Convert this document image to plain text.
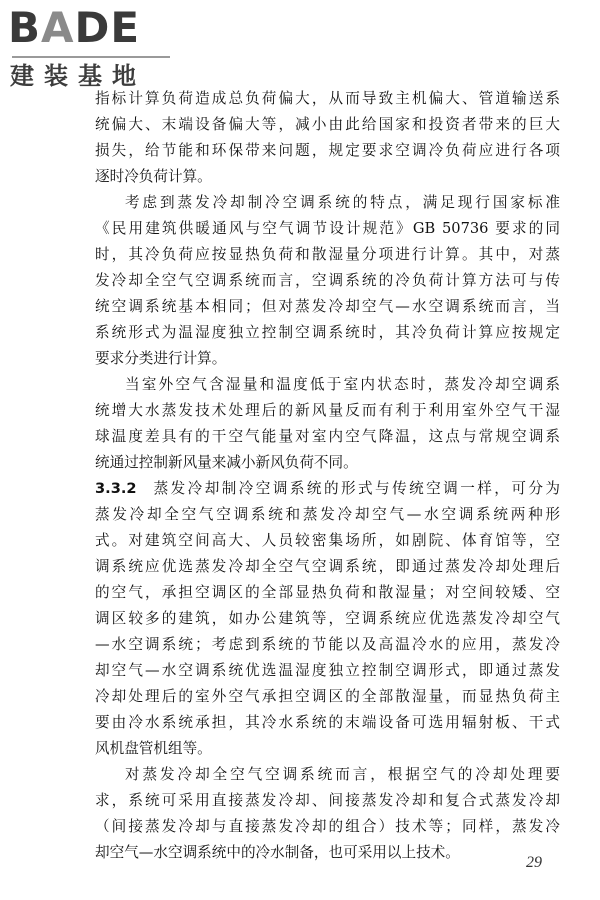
BADE
建装基地
指标计算负荷造成总负荷偏大，从而导致主机偏大、管道输送系
统偏大、末端设备偏大等，减小由此给国家和投资者带来的巨大
损失，给节能和环保带来问题，规定要求空调冷负荷应进行各项
逐时冷负荷计算。
考虑到蒸发冷却制冷空调系统的特点，满足现行国家标准
《民用建筑供暖通风与空气调节设计规范》GB 50736 要求的同
时，其冷负荷应按显热负荷和散湿量分项进行计算。其中，对蒸
发冷却全空气空调系统而言，空调系统的冷负荷计算方法可与传
统空调系统基本相同；但对蒸发冷却空气—水空调系统而言，当
系统形式为温湿度独立控制空调系统时，其冷负荷计算应按规定
要求分类进行计算。
当室外空气含湿量和温度低于室内状态时，蒸发冷却空调系
统增大水蒸发技术处理后的新风量反而有利于利用室外空气干湿
球温度差具有的干空气能量对室内空气降温，这点与常规空调系
统通过控制新风量来减小新风负荷不同。
3.3.2  蒸发冷却制冷空调系统的形式与传统空调一样，可分为
蒸发冷却全空气空调系统和蒸发冷却空气—水空调系统两种形
式。对建筑空间高大、人员较密集场所，如剧院、体育馆等，空
调系统应优选蒸发冷却全空气空调系统，即通过蒸发冷却处理后
的空气，承担空调区的全部显热负荷和散湿量；对空间较矮、空
调区较多的建筑，如办公建筑等，空调系统应优选蒸发冷却空气
—水空调系统；考虑到系统的节能以及高温冷水的应用，蒸发冷
却空气—水空调系统优选温湿度独立控制空调形式，即通过蒸发
冷却处理后的室外空气承担空调区的全部散湿量，而显热负荷主
要由冷水系统承担，其冷水系统的末端设备可选用辐射板、干式
风机盘管机组等。
对蒸发冷却全空气空调系统而言，根据空气的冷却处理要
求，系统可采用直接蒸发冷却、间接蒸发冷却和复合式蒸发冷却
（间接蒸发冷却与直接蒸发冷却的组合）技术等；同样，蒸发冷
却空气—水空调系统中的冷水制备，也可采用以上技术。
29
